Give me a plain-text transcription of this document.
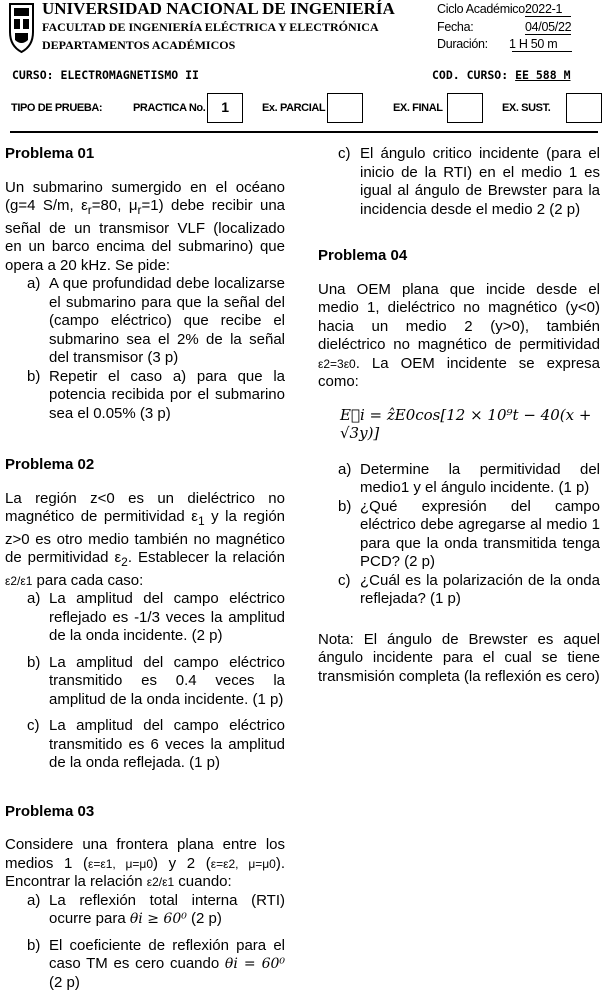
UNIVERSIDAD NACIONAL DE INGENIERÍA
FACULTAD DE INGENIERÍA ELÉCTRICA Y ELECTRÓNICA
DEPARTAMENTOS ACADÉMICOS
Ciclo Académico:
2022-1
Fecha:	04/05/22
Duración: 1 H 50 m
CURSO: ELECTROMAGNETISMO II	COD. CURSO: EE 588 M
TIPO DE PRUEBA:	PRACTICA No.	1	Ex. PARCIAL	EX. FINAL	EX. SUST.
Problema 01
Un submarino sumergido en el océano (g=4 S/m, $\varepsilon_r=80$, $\mu_r=1$) debe recibir una señal de un transmisor VLF (localizado en un barco encima del submarino) que opera a 20 kHz. Se pide:
a) A que profundidad debe localizarse el submarino para que la señal del (campo eléctrico) que recibe el submarino sea el 2% de la señal del transmisor (3 p)
b) Repetir el caso a) para que la potencia recibida por el submarino sea el 0.05% (3 p)
Problema 02
La región z<0 es un dieléctrico no magnético de permitividad $\varepsilon_1$ y la región z>0 es otro medio también no magnético de permitividad $\varepsilon_2$. Establecer la relación ε2/ε1 para cada caso:
a) La amplitud del campo eléctrico reflejado es -1/3 veces la amplitud de la onda incidente. (2 p)
b) La amplitud del campo eléctrico transmitido es 0.4 veces la amplitud de la onda incidente. (1 p)
c) La amplitud del campo eléctrico transmitido es 6 veces la amplitud de la onda reflejada. (1 p)
Problema 03
Considere una frontera plana entre los medios 1 (ε=ε1, μ=μ0) y 2 (ε=ε2, μ=μ0). Encontrar la relación ε2/ε1 cuando:
a) La reflexión total interna (RTI) ocurre para θi ≥ 60⁰ (2 p)
b) El coeficiente de reflexión para el caso TM es cero cuando θi = 60⁰ (2 p)
c) El ángulo critico incidente (para el inicio de la RTI) en el medio 1 es igual al ángulo de Brewster para la incidencia desde el medio 2 (2 p)
Problema 04
Una OEM plana que incide desde el medio 1, dieléctrico no magnético (y<0) hacia un medio 2 (y>0), también dieléctrico no magnético de permitividad ε2=3ε0. La OEM incidente se expresa como:
E⃗i = ẑE0cos[12 × 10⁹t − 40(x + √3y)]
a) Determine la permitividad del medio1 y el ángulo incidente. (1 p)
b) ¿Qué expresión del campo eléctrico debe agregarse al medio 1 para que la onda transmitida tenga PCD? (2 p)
c) ¿Cuál es la polarización de la onda reflejada? (1 p)
Nota: El ángulo de Brewster es aquel ángulo incidente para el cual se tiene transmisión completa (la reflexión es cero)
